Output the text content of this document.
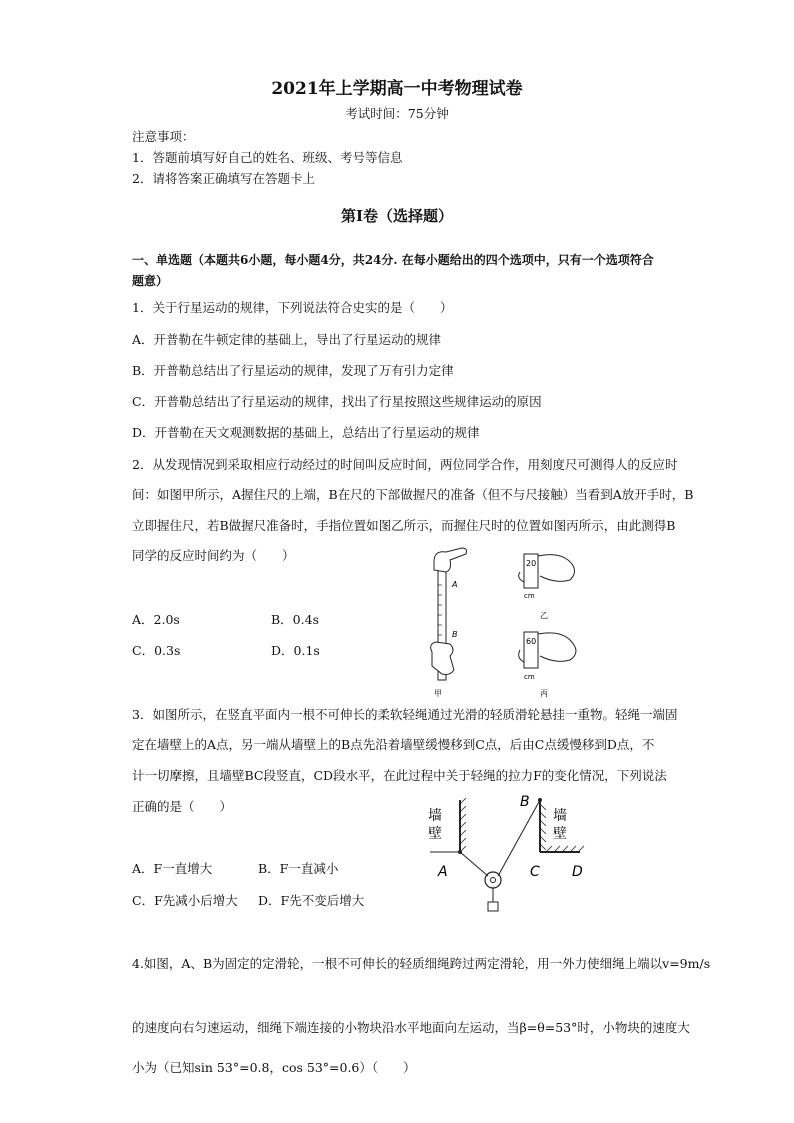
2021年上学期高一中考物理试卷
考试时间：75分钟
注意事项：
1．答题前填写好自己的姓名、班级、考号等信息
2．请将答案正确填写在答题卡上
第Ⅰ卷（选择题）
一、单选题（本题共6小题，每小题4分，共24分. 在每小题给出的四个选项中，只有一个选项符合
题意）
1．关于行星运动的规律，下列说法符合史实的是（　　）
A．开普勒在牛顿定律的基础上，导出了行星运动的规律
B．开普勒总结出了行星运动的规律，发现了万有引力定律
C．开普勒总结出了行星运动的规律，找出了行星按照这些规律运动的原因
D．开普勒在天文观测数据的基础上，总结出了行星运动的规律
2．从发现情况到采取相应行动经过的时间叫反应时间，两位同学合作，用刻度尺可测得人的反应时
间：如图甲所示，A握住尺的上端，B在尺的下部做握尺的准备（但不与尺接触）当看到A放开手时，B
立即握住尺，若B做握尺准备时，手指位置如图乙所示，而握住尺时的位置如图丙所示，由此测得B
同学的反应时间约为（　　）
A．2.0s	B．0.4s
C．0.3s	D．0.1s
A
B
甲
20
cm
乙
60
cm
丙
3．如图所示，在竖直平面内一根不可伸长的柔软轻绳通过光滑的轻质滑轮悬挂一重物。轻绳一端固
定在墙壁上的A点，另一端从墙壁上的B点先沿着墙壁缓慢移到C点，后由C点缓慢移到D点，不
计一切摩擦，且墙壁BC段竖直，CD段水平，在此过程中关于轻绳的拉力F的变化情况，下列说法
正确的是（　　）
A．F一直增大	B．F一直减小
C．F先减小后增大 D．F先不变后增大
墙
壁
墙
壁
A
B
C D
4.如图，A、B为固定的定滑轮，一根不可伸长的轻质细绳跨过两定滑轮，用一外力使细绳上端以v=9m/s
的速度向右匀速运动，细绳下端连接的小物块沿水平地面向左运动，当β=θ=53°时，小物块的速度大
小为（已知sin 53°=0.8，cos 53°=0.6）（　　）
